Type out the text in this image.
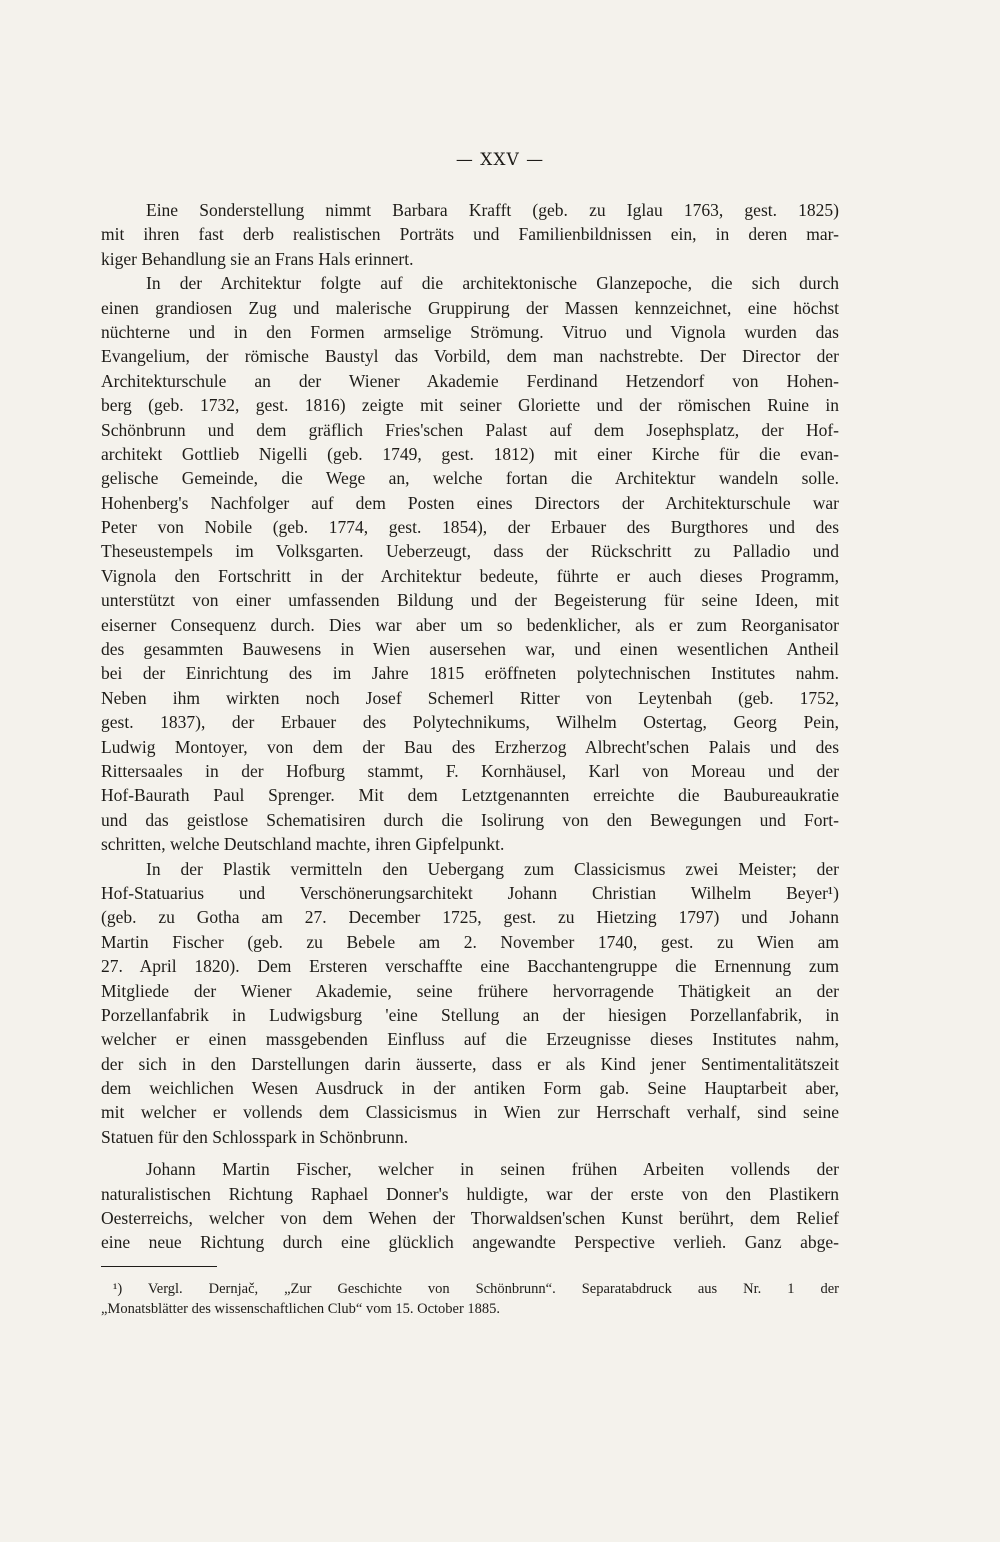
— XXV —
Eine Sonderstellung nimmt Barbara Krafft (geb. zu Iglau 1763, gest. 1825)
mit ihren fast derb realistischen Porträts und Familienbildnissen ein, in deren mar-
kiger Behandlung sie an Frans Hals erinnert.
In der Architektur folgte auf die architektonische Glanzepoche, die sich durch
einen grandiosen Zug und malerische Gruppirung der Massen kennzeichnet, eine höchst
nüchterne und in den Formen armselige Strömung. Vitruo und Vignola wurden das
Evangelium, der römische Baustyl das Vorbild, dem man nachstrebte. Der Director der
Architekturschule an der Wiener Akademie Ferdinand Hetzendorf von Hohen-
berg (geb. 1732, gest. 1816) zeigte mit seiner Gloriette und der römischen Ruine in
Schönbrunn und dem gräflich Fries'schen Palast auf dem Josephsplatz, der Hof-
architekt Gottlieb Nigelli (geb. 1749, gest. 1812) mit einer Kirche für die evan-
gelische Gemeinde, die Wege an, welche fortan die Architektur wandeln solle.
Hohenberg's Nachfolger auf dem Posten eines Directors der Architekturschule war
Peter von Nobile (geb. 1774, gest. 1854), der Erbauer des Burgthores und des
Theseustempels im Volksgarten. Ueberzeugt, dass der Rückschritt zu Palladio und
Vignola den Fortschritt in der Architektur bedeute, führte er auch dieses Programm,
unterstützt von einer umfassenden Bildung und der Begeisterung für seine Ideen, mit
eiserner Consequenz durch. Dies war aber um so bedenklicher, als er zum Reorganisator
des gesammten Bauwesens in Wien ausersehen war, und einen wesentlichen Antheil
bei der Einrichtung des im Jahre 1815 eröffneten polytechnischen Institutes nahm.
Neben ihm wirkten noch Josef Schemerl Ritter von Leytenbah (geb. 1752,
gest. 1837), der Erbauer des Polytechnikums, Wilhelm Ostertag, Georg Pein,
Ludwig Montoyer, von dem der Bau des Erzherzog Albrecht'schen Palais und des
Rittersaales in der Hofburg stammt, F. Kornhäusel, Karl von Moreau und der
Hof-Baurath Paul Sprenger. Mit dem Letztgenannten erreichte die Baubureaukratie
und das geistlose Schematisiren durch die Isolirung von den Bewegungen und Fort-
schritten, welche Deutschland machte, ihren Gipfelpunkt.
In der Plastik vermitteln den Uebergang zum Classicismus zwei Meister; der
Hof-Statuarius und Verschönerungsarchitekt Johann Christian Wilhelm Beyer¹)
(geb. zu Gotha am 27. December 1725, gest. zu Hietzing 1797) und Johann
Martin Fischer (geb. zu Bebele am 2. November 1740, gest. zu Wien am
27. April 1820). Dem Ersteren verschaffte eine Bacchantengruppe die Ernennung zum
Mitgliede der Wiener Akademie, seine frühere hervorragende Thätigkeit an der
Porzellanfabrik in Ludwigsburg 'eine Stellung an der hiesigen Porzellanfabrik, in
welcher er einen massgebenden Einfluss auf die Erzeugnisse dieses Institutes nahm,
der sich in den Darstellungen darin äusserte, dass er als Kind jener Sentimentalitätszeit
dem weichlichen Wesen Ausdruck in der antiken Form gab. Seine Hauptarbeit aber,
mit welcher er vollends dem Classicismus in Wien zur Herrschaft verhalf, sind seine
Statuen für den Schlosspark in Schönbrunn.
Johann Martin Fischer, welcher in seinen frühen Arbeiten vollends der
naturalistischen Richtung Raphael Donner's huldigte, war der erste von den Plastikern
Oesterreichs, welcher von dem Wehen der Thorwaldsen'schen Kunst berührt, dem Relief
eine neue Richtung durch eine glücklich angewandte Perspective verlieh. Ganz abge-
¹) Vergl. Dernjač, „Zur Geschichte von Schönbrunn“. Separatabdruck aus Nr. 1 der
„Monatsblätter des wissenschaftlichen Club“ vom 15. October 1885.
